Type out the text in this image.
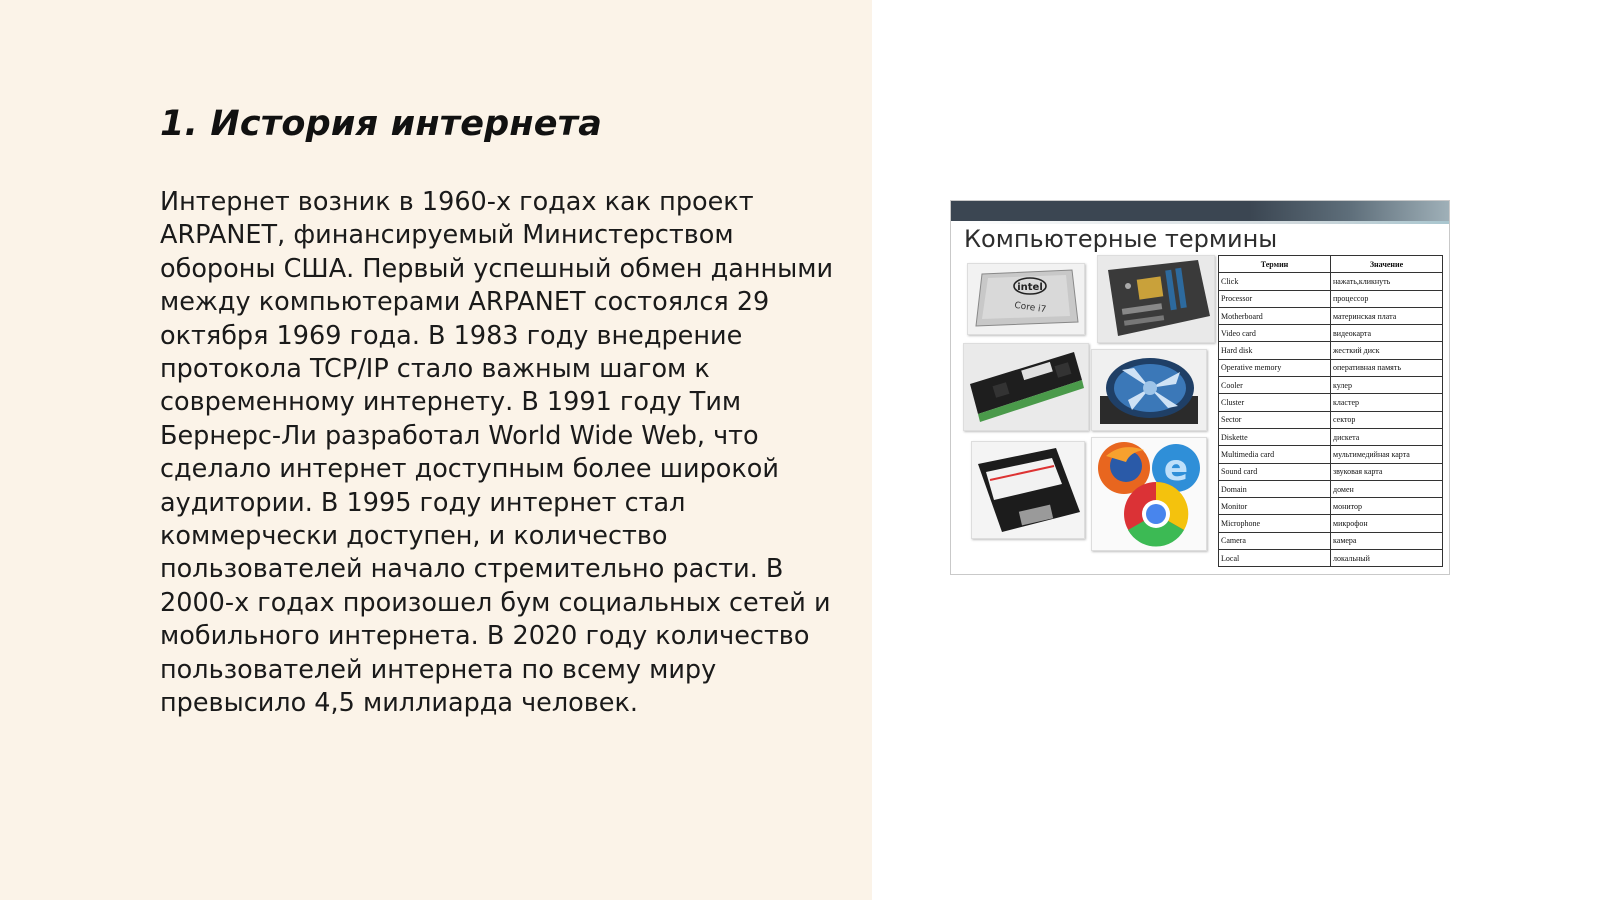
1. История интернета

Интернет возник в 1960-х годах как проект ARPANET, финансируемый Министерством обороны США. Первый успешный обмен данными между компьютерами ARPANET состоялся 29 октября 1969 года. В 1983 году внедрение протокола TCP/IP стало важным шагом к современному интернету. В 1991 году Тим Бернерс-Ли разработал World Wide Web, что сделало интернет доступным более широкой аудитории. В 1995 году интернет стал коммерчески доступен, и количество пользователей начало стремительно расти. В 2000-х годах произошел бум социальных сетей и мобильного интернета. В 2020 году количество пользователей интернета по всему миру превысило 4,5 миллиарда человек.

Компьютерные термины
intel
Core i7
e
Термин	Значение
Click	нажать,кликнуть
Processor	процессор
Motherboard	материнская плата
Video card	видеокарта
Hard disk	жесткий диск
Operative memory	оперативная память
Cooler	кулер
Cluster	кластер
Sector	сектор
Diskette	дискета
Multimedia card	мультимедийная карта
Sound card	звуковая карта
Domain	домен
Monitor	монитор
Microphone	микрофон
Camera	камера
Local	локальный
